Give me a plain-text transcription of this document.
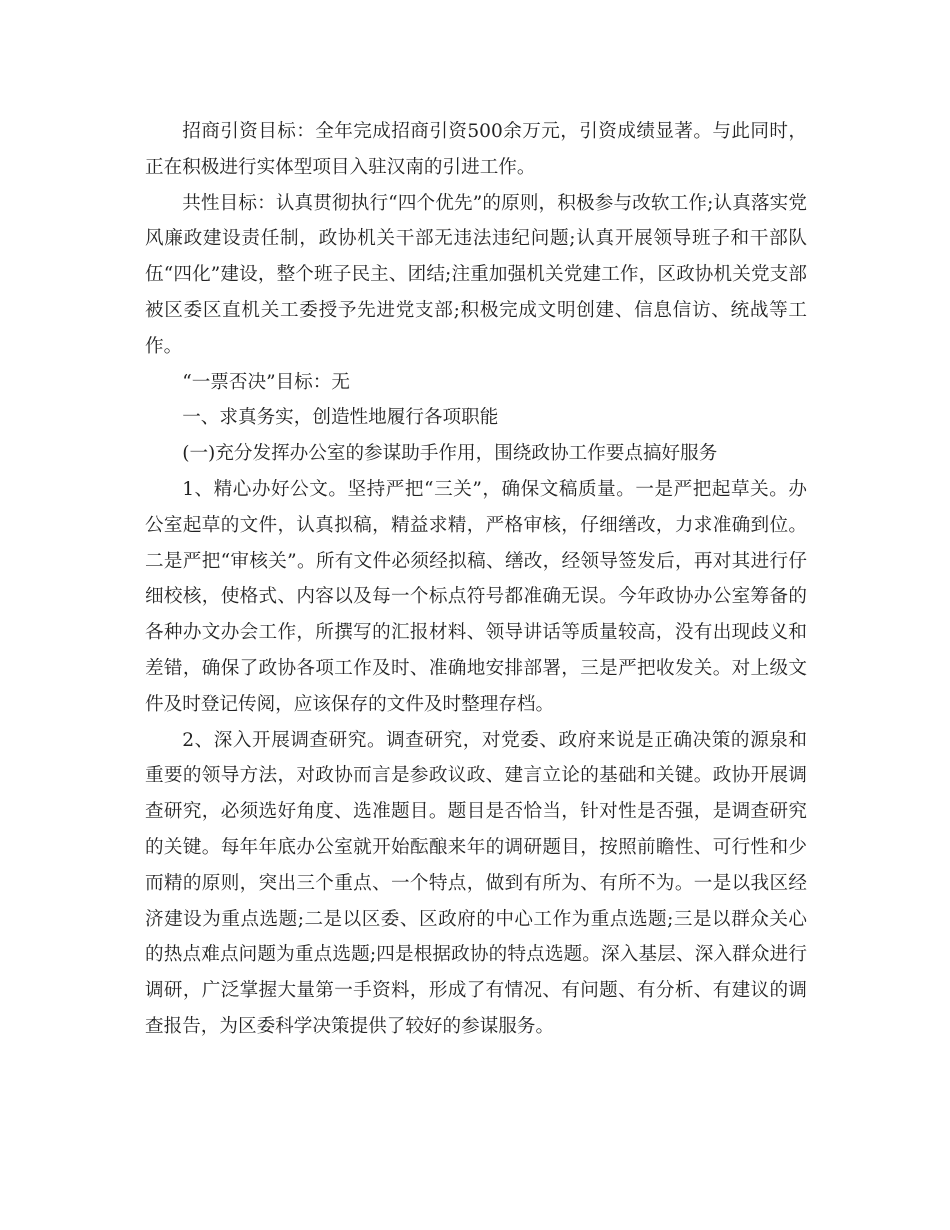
招商引资目标：全年完成招商引资500余万元，引资成绩显著。与此同时，正在积极进行实体型项目入驻汉南的引进工作。

共性目标：认真贯彻执行“四个优先”的原则，积极参与改软工作;认真落实党风廉政建设责任制，政协机关干部无违法违纪问题;认真开展领导班子和干部队伍“四化”建设，整个班子民主、团结;注重加强机关党建工作，区政协机关党支部被区委区直机关工委授予先进党支部;积极完成文明创建、信息信访、统战等工作。

“一票否决”目标：无

一、求真务实，创造性地履行各项职能

(一)充分发挥办公室的参谋助手作用，围绕政协工作要点搞好服务

1、精心办好公文。坚持严把“三关”，确保文稿质量。一是严把起草关。办公室起草的文件，认真拟稿，精益求精，严格审核，仔细缮改，力求准确到位。二是严把“审核关”。所有文件必须经拟稿、缮改，经领导签发后，再对其进行仔细校核，使格式、内容以及每一个标点符号都准确无误。今年政协办公室筹备的各种办文办会工作，所撰写的汇报材料、领导讲话等质量较高，没有出现歧义和差错，确保了政协各项工作及时、准确地安排部署，三是严把收发关。对上级文件及时登记传阅，应该保存的文件及时整理存档。

2、深入开展调查研究。调查研究，对党委、政府来说是正确决策的源泉和重要的领导方法，对政协而言是参政议政、建言立论的基础和关键。政协开展调查研究，必须选好角度、选准题目。题目是否恰当，针对性是否强，是调查研究的关键。每年年底办公室就开始酝酿来年的调研题目，按照前瞻性、可行性和少而精的原则，突出三个重点、一个特点，做到有所为、有所不为。一是以我区经济建设为重点选题;二是以区委、区政府的中心工作为重点选题;三是以群众关心的热点难点问题为重点选题;四是根据政协的特点选题。深入基层、深入群众进行调研，广泛掌握大量第一手资料，形成了有情况、有问题、有分析、有建议的调查报告，为区委科学决策提供了较好的参谋服务。
